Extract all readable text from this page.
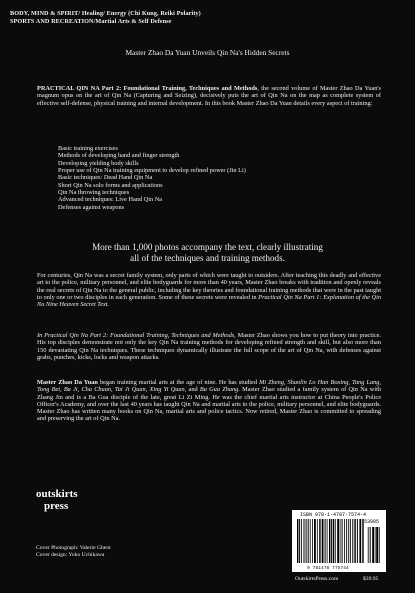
BODY, MIND & SPIRIT/ Healing/ Energy (Chi Kung, Reiki Polarity)
SPORTS AND RECREATION/Martial Arts & Self Defense
Master Zhao Da Yuan Unveils Qin Na's Hidden Secrets

PRACTICAL QIN NA Part 2: Foundational Training, Techniques and Methods, the second volume of Master Zhao Da Yuan's magnum opus on the art of Qin Na (Capturing and Seizing), decisively puts the art of Qin Na on the map as complete system of effective self-defense, physical training and internal development. In this book Master Zhao Da Yuan details every aspect of training:

Basic training exercises
Methods of developing hand and finger strength
Developing yielding body skills
Proper use of Qin Na training equipment to develop refined power (Jin Li)
Basic techniques: Dead Hand Qin Na
Short Qin Na solo forms and applications
Qin Na throwing techniques
Advanced techniques: Live Hand Qin Na
Defenses against weapons
More than 1,000 photos accompany the text, clearly illustrating
all of the techniques and training methods.

For centuries, Qin Na was a secret family system, only parts of which were taught to outsiders. After teaching this deadly and effective art to the police, military personnel, and elite bodyguards for more than 40 years, Master Zhao breaks with tradition and openly reveals the real secrets of Qin Na to the general public, including the key theories and foundational training methods that were in the past taught to only one or two disciples in each generation. Some of these secrets were revealed in Practical Qin Na Part 1: Explanation of the Qin Na Nine Heaven Secret Text.

In Practical Qin Na Part 2: Foundational Training, Techniques and Methods, Master Zhao shows you how to put theory into practice. His top disciples demonstrate not only the key Qin Na training methods for developing refined strength and skill, but also more than 150 devastating Qin Na techniques. These techniques dynamically illustrate the full scope of the art of Qin Na, with defenses against grabs, punches, kicks, locks and weapon attacks.

Master Zhao Da Yuan began training martial arts at the age of nine. He has studied Mi Zheng, Shaolin Lo Han Boxing, Tang Lang, Tong Bei, Ba Ji, Cha Chuan, Tai Ji Quan, Xing Yi Quan, and Ba Gua Zhang. Master Zhao studied a family system of Qin Na with Zhang Jin and is a Ba Gua disciple of the late, great Li Zi Ming. He was the chief martial arts instructor at China People's Police Officer's Academy, and over the last 40 years has taught Qin Na and martial arts to the police, military personnel, and elite bodyguards. Master Zhao has written many books on Qin Na, martial arts and police tactics. Now retired, Master Zhao is committed to spreading and preserving the art of Qin Na.

outskirts
press
Cover Photograph: Valerie Ghent
Cover design: Yoko Uchikawa
ISBN 978-1-4787-7574-4
53995
9 781478 775744
OutskirtsPress.com	$39.95
